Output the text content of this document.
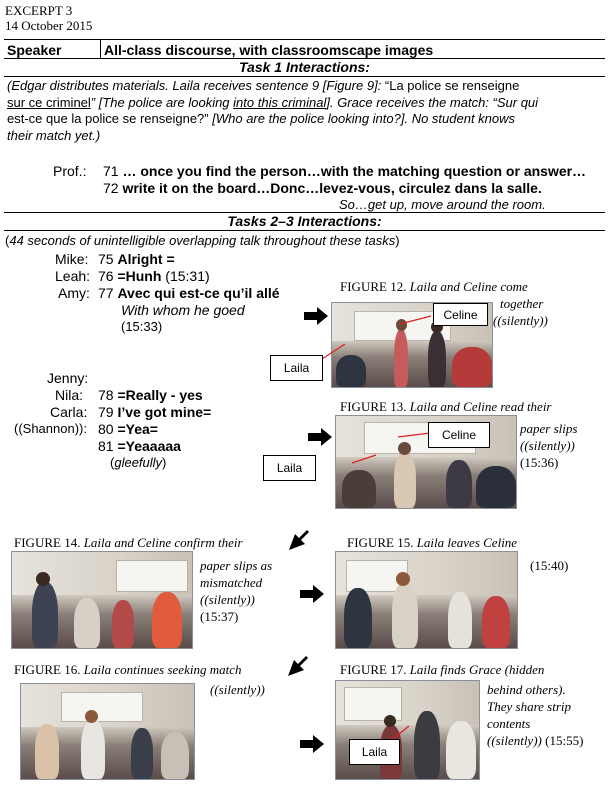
EXCERPT 3
14 October 2015
Speaker	All-class discourse, with classroomscape images
Task 1 Interactions:
(Edgar distributes materials. Laila receives sentence 9 [Figure 9]: “La police se renseigne
sur ce criminel” [The police are looking into this criminal]. Grace receives the match: “Sur qui
est-ce que la police se renseigne?” [Who are the police looking into?]. No student knows
their match yet.)
Prof.: 71 … once you find the person…with the matching question or answer…
72 write it on the board…Donc…levez-vous, circulez dans la salle.
So…get up, move around the room.
Tasks 2–3 Interactions:
(44 seconds of unintelligible overlapping talk throughout these tasks)
Mike: 75 Alright =
Leah: 76 =Hunh (15:31)
Amy: 77 Avec qui est-ce qu’il allé
With whom he goed
(15:33)
Jenny:
Nila: 78 =Really - yes
Carla: 79 I’ve got mine=
((Shannon)): 80 =Yea=
81 =Yeaaaaa
(gleefully)
FIGURE 12. Laila and Celine come
together
((silently))
Celine
Laila
FIGURE 13. Laila and Celine read their
paper slips
((silently))
(15:36)
Celine
Laila
FIGURE 14. Laila and Celine confirm their
paper slips as
mismatched
((silently))
(15:37)
FIGURE 15. Laila leaves Celine
(15:40)
FIGURE 16. Laila continues seeking match
((silently))
FIGURE 17. Laila finds Grace (hidden
behind others).
They share strip
contents
((silently)) (15:55)
Laila
